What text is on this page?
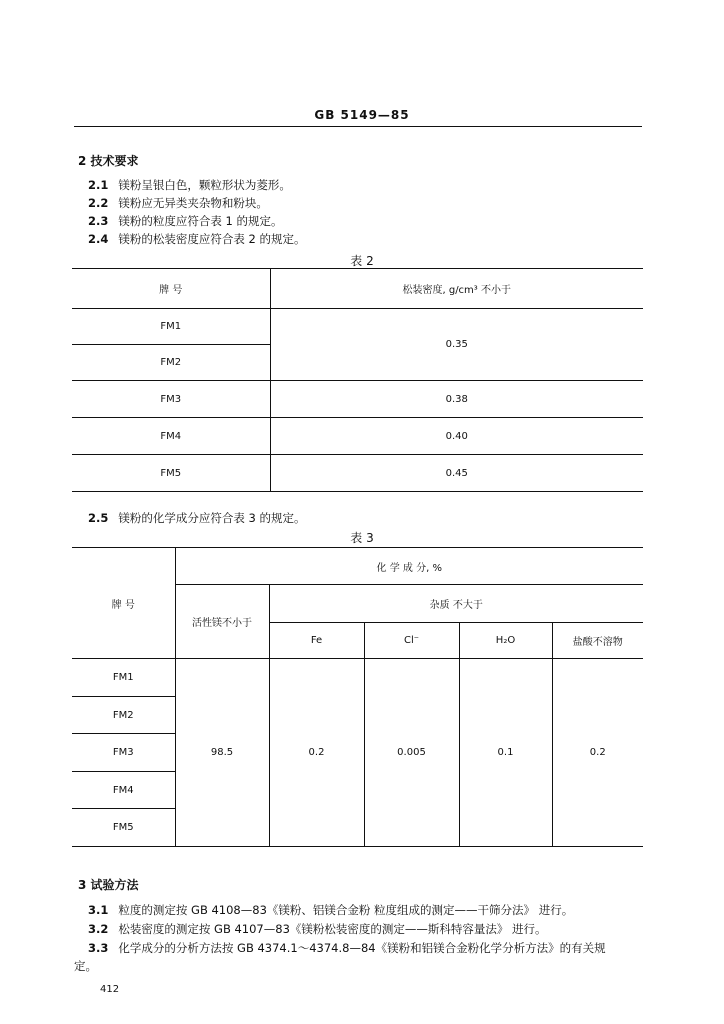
GB 5149—85
2 技术要求
2.1 镁粉呈银白色，颗粒形状为菱形。
2.2 镁粉应无异类夹杂物和粉块。
2.3 镁粉的粒度应符合表 1 的规定。
2.4 镁粉的松装密度应符合表 2 的规定。
表 2
牌 号	松装密度, g/cm³ 不小于
FM1	0.35
FM2	
FM3	0.38
FM4	0.40
FM5	0.45
2.5 镁粉的化学成分应符合表 3 的规定。
表 3
牌 号	化 学 成 分, %				
	活性镁不小于	杂质 不大于			
		Fe	Cl⁻	H₂O	盐酸不溶物
FM1	98.5	0.2	0.005	0.1	0.2
FM2					
FM3					
FM4					
FM5					
3 试验方法
3.1 粒度的测定按 GB 4108—83《镁粉、铝镁合金粉 粒度组成的测定——干筛分法》 进行。
3.2 松装密度的测定按 GB 4107—83《镁粉松装密度的测定——斯科特容量法》 进行。
3.3 化学成分的分析方法按 GB 4374.1～4374.8—84《镁粉和铝镁合金粉化学分析方法》的有关规
定。
412
